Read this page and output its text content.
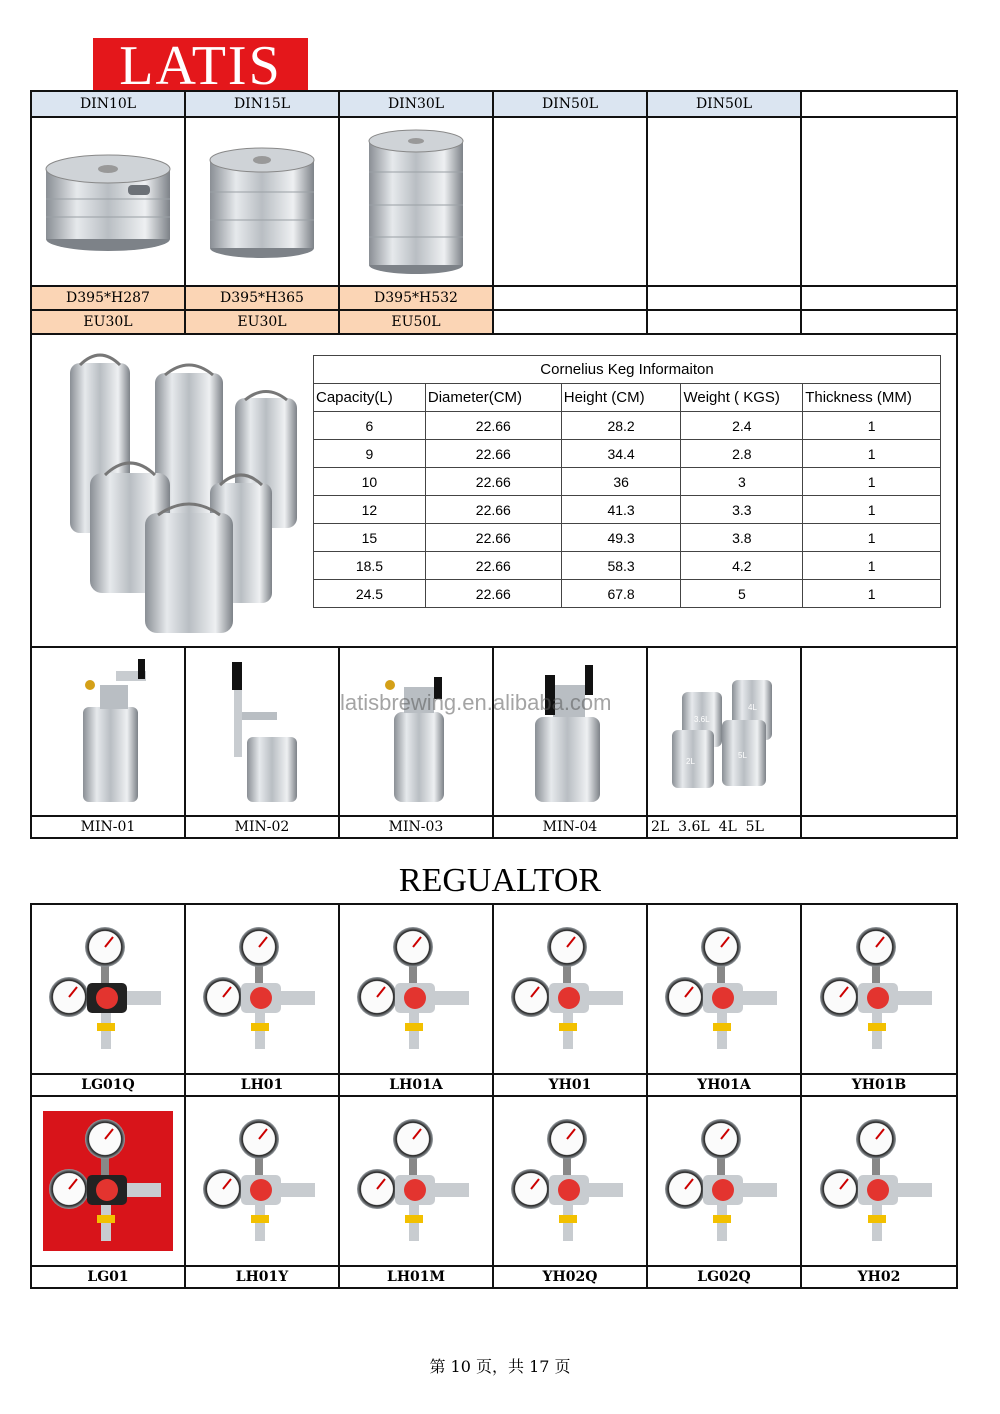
LATIS
DIN10L	DIN15L	DIN30L	DIN50L	DIN50L	

D395*H287	D395*H365	D395*H532			
EU30L	EU30L	EU50L			

Cornelius Keg Informaiton
Capacity(L)	Diameter(CM)	Height (CM)	Weight ( KGS)	Thickness (MM)
6	22.66	28.2	2.4	1
9	22.66	34.4	2.8	1
10	22.66	36	3	1
12	22.66	41.3	3.3	1
15	22.66	49.3	3.8	1
18.5	22.66	58.3	4.2	1
24.5	22.66	67.8	5	1

3.6L
4L
2L
5L

MIN-01	MIN-02	MIN-03	MIN-04	2L  3.6L  4L  5L	
latisbrewing.en.alibaba.com
REGUALTOR

LG01Q	LH01	LH01A	YH01	YH01A	YH01B

LG01	LH01Y	LH01M	YH02Q	LG02Q	YH02
第 10 页，共 17 页
